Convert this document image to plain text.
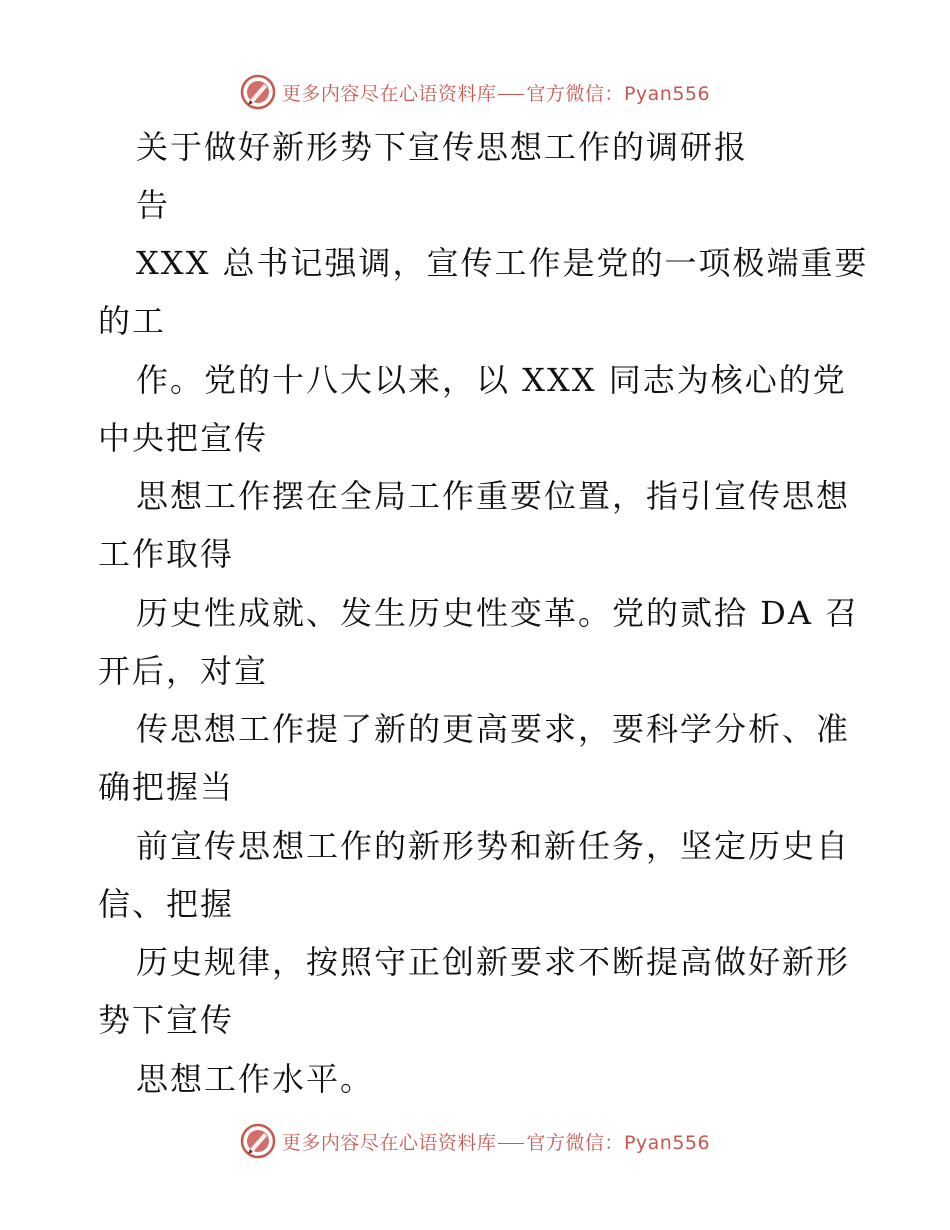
更多内容尽在心语资料库 官方微信：Pyan556
关于做好新形势下宣传思想工作的调研报
告
XXX 总书记强调，宣传工作是党的一项极端重要
的工
作。党的十八大以来，以 XXX 同志为核心的党
中央把宣传
思想工作摆在全局工作重要位置，指引宣传思想
工作取得
历史性成就、发生历史性变革。党的贰拾 DA 召
开后，对宣
传思想工作提了新的更高要求，要科学分析、准
确把握当
前宣传思想工作的新形势和新任务，坚定历史自
信、把握
历史规律，按照守正创新要求不断提高做好新形
势下宣传
思想工作水平。
更多内容尽在心语资料库 官方微信：Pyan556
